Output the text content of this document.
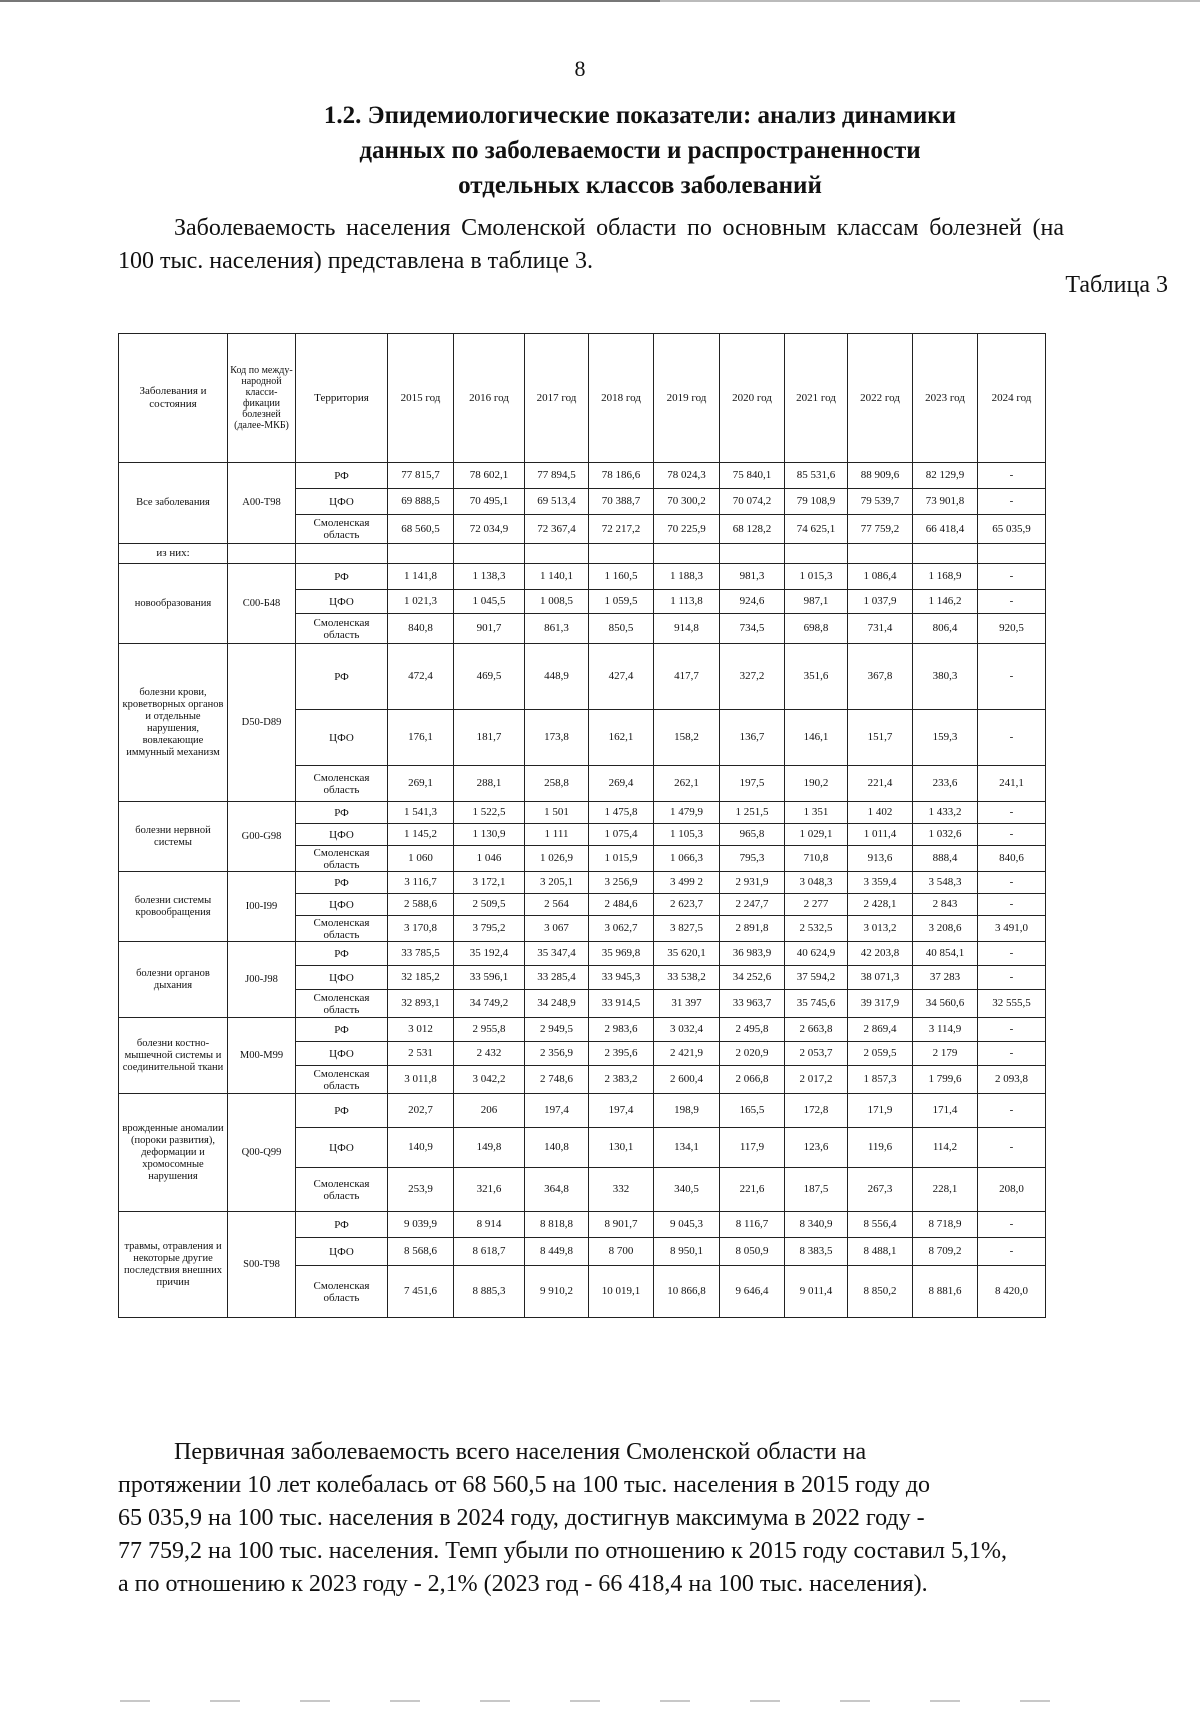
8
1.2. Эпидемиологические показатели: анализ динамики
данных по заболеваемости и распространенности
отдельных классов заболеваний

Заболеваемость населения Смоленской области по основным классам болезней (на 100 тыс. населения) представлена в таблице 3.

Таблица 3
Заболевания и состояния	Код по между-народной класси-фикации болезней (далее-МКБ)	Территория	2015 год	2016 год	2017 год	2018 год	2019 год	2020 год	2021 год	2022 год	2023 год	2024 год
Все заболевания	A00-T98	РФ	77 815,7	78 602,1	77 894,5	78 186,6	78 024,3	75 840,1	85 531,6	88 909,6	82 129,9	-
		ЦФО	69 888,5	70 495,1	69 513,4	70 388,7	70 300,2	70 074,2	79 108,9	79 539,7	73 901,8	-
		Смоленская область	68 560,5	72 034,9	72 367,4	72 217,2	70 225,9	68 128,2	74 625,1	77 759,2	66 418,4	65 035,9
из них:												
новообразования	C00-Б48	РФ	1 141,8	1 138,3	1 140,1	1 160,5	1 188,3	981,3	1 015,3	1 086,4	1 168,9	-
		ЦФО	1 021,3	1 045,5	1 008,5	1 059,5	1 113,8	924,6	987,1	1 037,9	1 146,2	-
		Смоленская область	840,8	901,7	861,3	850,5	914,8	734,5	698,8	731,4	806,4	920,5
болезни крови, кроветворных органов и отдельные нарушения, вовлекающие иммунный механизм	D50-D89	РФ	472,4	469,5	448,9	427,4	417,7	327,2	351,6	367,8	380,3	-
		ЦФО	176,1	181,7	173,8	162,1	158,2	136,7	146,1	151,7	159,3	-
		Смоленская область	269,1	288,1	258,8	269,4	262,1	197,5	190,2	221,4	233,6	241,1
болезни нервной системы	G00-G98	РФ	1 541,3	1 522,5	1 501	1 475,8	1 479,9	1 251,5	1 351	1 402	1 433,2	-
		ЦФО	1 145,2	1 130,9	1 111	1 075,4	1 105,3	965,8	1 029,1	1 011,4	1 032,6	-
		Смоленская область	1 060	1 046	1 026,9	1 015,9	1 066,3	795,3	710,8	913,6	888,4	840,6
болезни системы кровообращения	I00-I99	РФ	3 116,7	3 172,1	3 205,1	3 256,9	3 499 2	2 931,9	3 048,3	3 359,4	3 548,3	-
		ЦФО	2 588,6	2 509,5	2 564	2 484,6	2 623,7	2 247,7	2 277	2 428,1	2 843	-
		Смоленская область	3 170,8	3 795,2	3 067	3 062,7	3 827,5	2 891,8	2 532,5	3 013,2	3 208,6	3 491,0
болезни органов дыхания	J00-J98	РФ	33 785,5	35 192,4	35 347,4	35 969,8	35 620,1	36 983,9	40 624,9	42 203,8	40 854,1	-
		ЦФО	32 185,2	33 596,1	33 285,4	33 945,3	33 538,2	34 252,6	37 594,2	38 071,3	37 283	-
		Смоленская область	32 893,1	34 749,2	34 248,9	33 914,5	31 397	33 963,7	35 745,6	39 317,9	34 560,6	32 555,5
болезни костно-мышечной системы и соединительной ткани	M00-M99	РФ	3 012	2 955,8	2 949,5	2 983,6	3 032,4	2 495,8	2 663,8	2 869,4	3 114,9	-
		ЦФО	2 531	2 432	2 356,9	2 395,6	2 421,9	2 020,9	2 053,7	2 059,5	2 179	-
		Смоленская область	3 011,8	3 042,2	2 748,6	2 383,2	2 600,4	2 066,8	2 017,2	1 857,3	1 799,6	2 093,8
врожденные аномалии (пороки развития), деформации и хромосомные нарушения	Q00-Q99	РФ	202,7	206	197,4	197,4	198,9	165,5	172,8	171,9	171,4	-
		ЦФО	140,9	149,8	140,8	130,1	134,1	117,9	123,6	119,6	114,2	-
		Смоленская область	253,9	321,6	364,8	332	340,5	221,6	187,5	267,3	228,1	208,0
травмы, отравления и некоторые другие последствия внешних причин	S00-T98	РФ	9 039,9	8 914	8 818,8	8 901,7	9 045,3	8 116,7	8 340,9	8 556,4	8 718,9	-
		ЦФО	8 568,6	8 618,7	8 449,8	8 700	8 950,1	8 050,9	8 383,5	8 488,1	8 709,2	-
		Смоленская область	7 451,6	8 885,3	9 910,2	10 019,1	10 866,8	9 646,4	9 011,4	8 850,2	8 881,6	8 420,0
Первичная заболеваемость всего населения Смоленской области на
протяжении 10 лет колебалась от 68 560,5 на 100 тыс. населения в 2015 году до
65 035,9 на 100 тыс. населения в 2024 году, достигнув максимума в 2022 году -
77 759,2 на 100 тыс. населения. Темп убыли по отношению к 2015 году составил 5,1%,
а по отношению к 2023 году - 2,1% (2023 год - 66 418,4 на 100 тыс. населения).
